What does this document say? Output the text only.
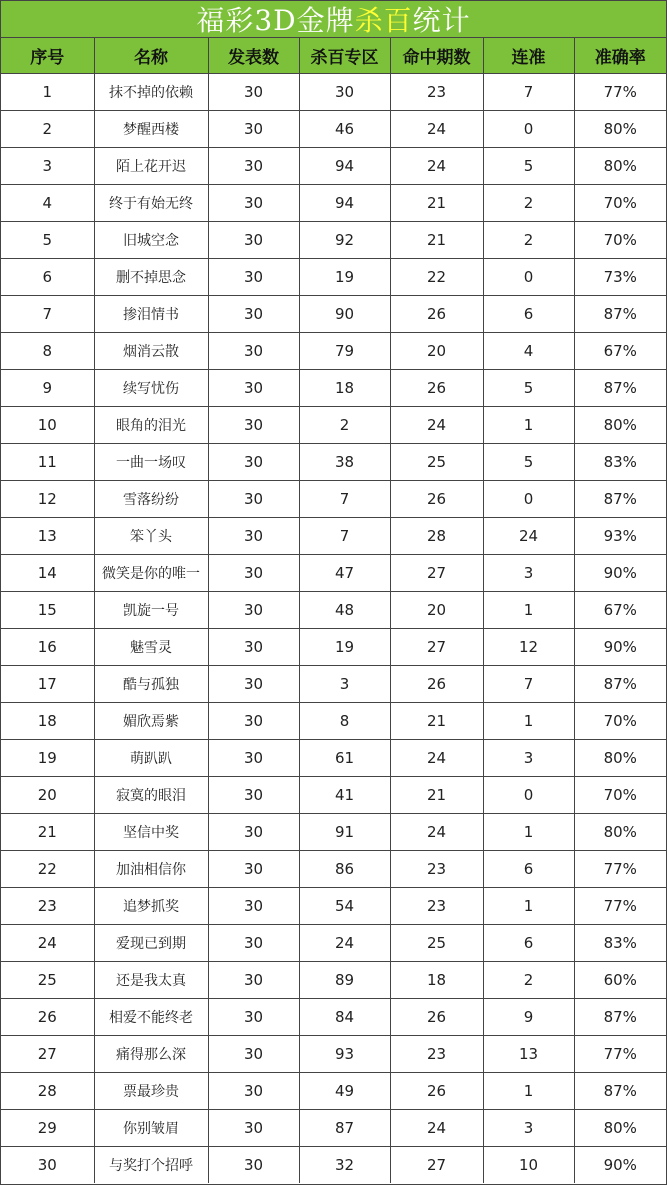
福彩3D金牌 杀百 统计
序号	名称	发表数	杀百专区	命中期数	连准	准确率
1	抹不掉的依赖	30	30	23	7	77%
2	梦醒西楼	30	46	24	0	80%
3	陌上花开迟	30	94	24	5	80%
4	终于有始无终	30	94	21	2	70%
5	旧城空念	30	92	21	2	70%
6	删不掉思念	30	19	22	0	73%
7	掺泪情书	30	90	26	6	87%
8	烟消云散	30	79	20	4	67%
9	续写忧伤	30	18	26	5	87%
10	眼角的泪光	30	2	24	1	80%
11	一曲一场叹	30	38	25	5	83%
12	雪落纷纷	30	7	26	0	87%
13	笨丫头	30	7	28	24	93%
14	微笑是你的唯一	30	47	27	3	90%
15	凯旋一号	30	48	20	1	67%
16	魅雪灵	30	19	27	12	90%
17	酷与孤独	30	3	26	7	87%
18	媚欣焉紫	30	8	21	1	70%
19	萌趴趴	30	61	24	3	80%
20	寂寞的眼泪	30	41	21	0	70%
21	坚信中奖	30	91	24	1	80%
22	加油相信你	30	86	23	6	77%
23	追梦抓奖	30	54	23	1	77%
24	爱现已到期	30	24	25	6	83%
25	还是我太真	30	89	18	2	60%
26	相爱不能终老	30	84	26	9	87%
27	痛得那么深	30	93	23	13	77%
28	票最珍贵	30	49	26	1	87%
29	你别皱眉	30	87	24	3	80%
30	与奖打个招呼	30	32	27	10	90%
